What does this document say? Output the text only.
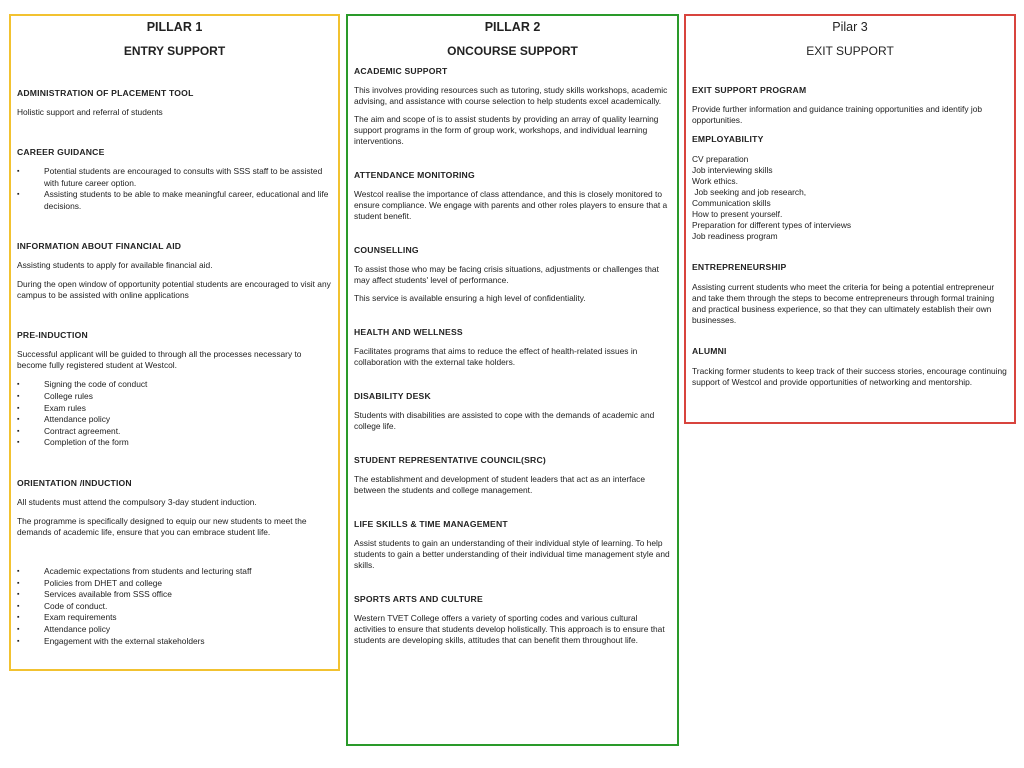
PILLAR 1

ENTRY SUPPORT

ADMINISTRATION OF PLACEMENT TOOL

Holistic support and referral of students

CAREER GUIDANCE

▪ Potential students are encouraged to consults with SSS staff to be assisted with future career option.
▪ Assisting students to be able to make meaningful career, educational and life decisions.

INFORMATION ABOUT FINANCIAL AID

Assisting students to apply for available financial aid.

During the open window of opportunity potential students are encouraged to visit any campus to be assisted with online applications

PRE-INDUCTION

Successful applicant will be guided to through all the processes necessary to become fully registered student at Westcol.

▪ Signing the code of conduct
▪ College rules
▪ Exam rules
▪ Attendance policy
▪ Contract agreement.
▪ Completion of the form

ORIENTATION /INDUCTION

All students must attend the compulsory 3-day student induction.

The programme is specifically designed to equip our new students to meet the demands of academic life, ensure that you can embrace student life.

▪ Academic expectations from students and lecturing staff
▪ Policies from DHET and college
▪ Services available from SSS office
▪ Code of conduct.
▪ Exam requirements
▪ Attendance policy
▪ Engagement with the external stakeholders

PILLAR 2

ONCOURSE SUPPORT

ACADEMIC SUPPORT

This involves providing resources such as tutoring, study skills workshops, academic advising, and assistance with course selection to help students excel academically.

The aim and scope of is to assist students by providing an array of quality learning support programs in the form of group work, workshops, and individual learning interventions.

ATTENDANCE MONITORING

Westcol realise the importance of class attendance, and this is closely monitored to ensure compliance. We engage with parents and other roles players to ensure that a student benefit.

COUNSELLING

To assist those who may be facing crisis situations, adjustments or challenges that may affect students' level of performance.

This service is available ensuring a high level of confidentiality.

HEALTH AND WELLNESS

Facilitates programs that aims to reduce the effect of health-related issues in collaboration with the external take holders.

DISABILITY DESK

Students with disabilities are assisted to cope with the demands of academic and college life.

STUDENT REPRESENTATIVE COUNCIL(SRC)

The establishment and development of student leaders that act as an interface between the students and college management.

LIFE SKILLS & TIME MANAGEMENT

Assist students to gain an understanding of their individual style of learning. To help students to gain a better understanding of their individual time management style and skills.

SPORTS ARTS AND CULTURE

Western TVET College offers a variety of sporting codes and various cultural activities to ensure that students develop holistically. This approach is to ensure that students are developing skills, attitudes that can benefit them throughout life.

Pilar 3

EXIT SUPPORT

EXIT SUPPORT PROGRAM

Provide further information and guidance training opportunities and identify job opportunities.

EMPLOYABILITY

CV preparation

Job interviewing skills

Work ethics.

Job seeking and job research,

Communication skills

How to present yourself.

Preparation for different types of interviews

Job readiness program

ENTREPRENEURSHIP

Assisting current students who meet the criteria for being a potential entrepreneur and take them through the steps to become entrepreneurs through formal training and practical business experience, so that they can ultimately establish their own businesses.

ALUMNI

Tracking former students to keep track of their success stories, encourage continuing support of Westcol and provide opportunities of networking and mentorship.
